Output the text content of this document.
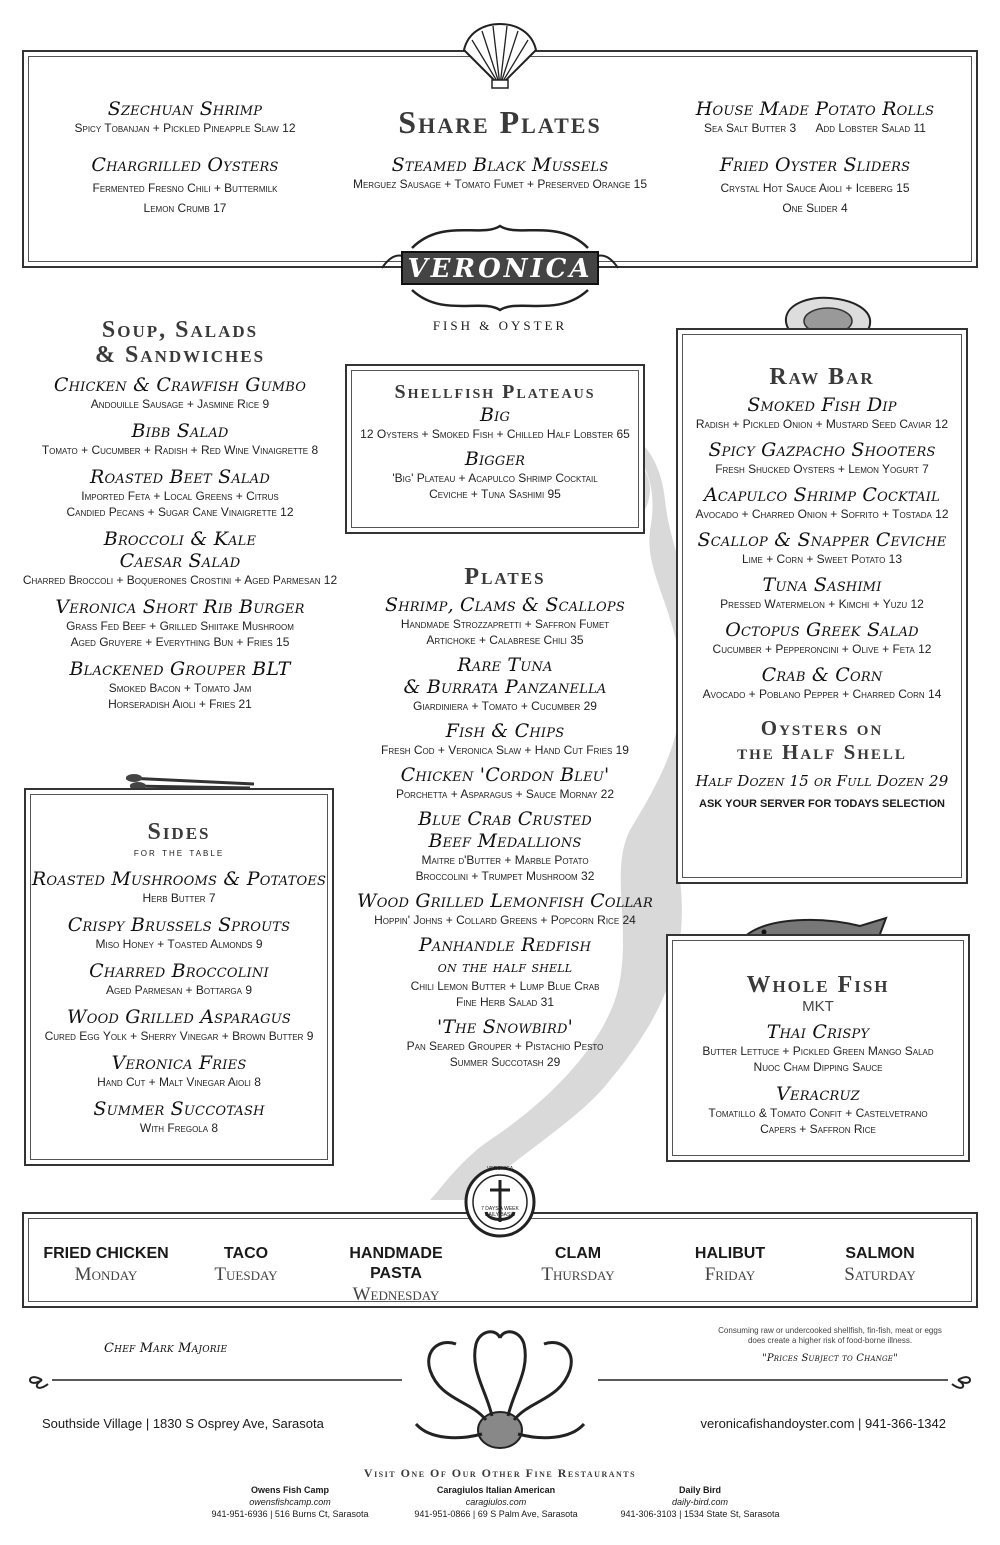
Szechuan Shrimp
Spicy Tobanjan + Pickled Pineapple Slaw 12
Chargrilled Oysters
Fermented Fresno Chili + Buttermilk
Lemon Crumb 17
Share Plates
Steamed Black Mussels
Merguez Sausage + Tomato Fumet + Preserved Orange 15
House Made Potato Rolls
Sea Salt Butter 3      Add Lobster Salad 11
Fried Oyster Sliders
Crystal Hot Sauce Aioli + Iceberg 15
One Slider 4
VERONICA
FISH & OYSTER
Soup, Salads
& Sandwiches
Chicken & Crawfish Gumbo
Andouille Sausage + Jasmine Rice 9
Bibb Salad
Tomato + Cucumber + Radish + Red Wine Vinaigrette 8
Roasted Beet Salad
Imported Feta + Local Greens + Citrus
Candied Pecans + Sugar Cane Vinaigrette 12
Broccoli & Kale
Caesar Salad
Charred Broccoli + Boquerones Crostini + Aged Parmesan 12
Veronica Short Rib Burger
Grass Fed Beef + Grilled Shiitake Mushroom
Aged Gruyere + Everything Bun + Fries 15
Blackened Grouper BLT
Smoked Bacon + Tomato Jam
Horseradish Aioli + Fries 21
Sides
for the table
Roasted Mushrooms & Potatoes
Herb Butter 7
Crispy Brussels Sprouts
Miso Honey + Toasted Almonds 9
Charred Broccolini
Aged Parmesan + Bottarga 9
Wood Grilled Asparagus
Cured Egg Yolk + Sherry Vinegar + Brown Butter 9
Veronica Fries
Hand Cut + Malt Vinegar Aioli 8
Summer Succotash
With Fregola 8
Shellfish Plateaus
Big
12 Oysters + Smoked Fish + Chilled Half Lobster 65
Bigger
'Big' Plateau + Acapulco Shrimp Cocktail
Ceviche + Tuna Sashimi 95
Plates
Shrimp, Clams & Scallops
Handmade Strozzapretti + Saffron Fumet
Artichoke + Calabrese Chili 35
Rare Tuna
& Burrata Panzanella
Giardiniera + Tomato + Cucumber 29
Fish & Chips
Fresh Cod + Veronica Slaw + Hand Cut Fries 19
Chicken 'Cordon Bleu'
Porchetta + Asparagus + Sauce Mornay 22
Blue Crab Crusted
Beef Medallions
Maitre d'Butter + Marble Potato
Broccolini + Trumpet Mushroom 32
Wood Grilled Lemonfish Collar
Hoppin' Johns + Collard Greens + Popcorn Rice 24
Panhandle Redfish
on the half shell
Chili Lemon Butter + Lump Blue Crab
Fine Herb Salad 31
'The Snowbird'
Pan Seared Grouper + Pistachio Pesto
Summer Succotash 29
Raw Bar
Smoked Fish Dip
Radish + Pickled Onion + Mustard Seed Caviar 12
Spicy Gazpacho Shooters
Fresh Shucked Oysters + Lemon Yogurt 7
Acapulco Shrimp Cocktail
Avocado + Charred Onion + Sofrito + Tostada 12
Scallop & Snapper Ceviche
Lime + Corn + Sweet Potato 13
Tuna Sashimi
Pressed Watermelon + Kimchi + Yuzu 12
Octopus Greek Salad
Cucumber + Pepperoncini + Olive + Feta 12
Crab & Corn
Avocado + Poblano Pepper + Charred Corn 14
Oysters on
the Half Shell
Half Dozen 15 or Full Dozen 29
ASK YOUR SERVER FOR TODAYS SELECTION
Whole Fish
MKT
Thai Crispy
Butter Lettuce + Pickled Green Mango Salad
Nuoc Cham Dipping Sauce
Veracruz
Tomatillo & Tomato Confit + Castelvetrano
Capers + Saffron Rice
VERONICA
7 DAYS A WEEK
DAILY BASIS
FRIED CHICKEN
Monday
TACO
Tuesday
HANDMADE PASTA
Wednesday
CLAM
Thursday
HALIBUT
Friday
SALMON
Saturday
Chef Mark Majorie
Consuming raw or undercooked shellfish, fin-fish, meat or eggs
does create a higher risk of food-borne illness.
"Prices Subject to Change"
Southside Village | 1830 S Osprey Ave, Sarasota	veronicafishandoyster.com | 941-366-1342
Visit One Of Our Other Fine Restaurants
Owens Fish Camp
owensfishcamp.com
941-951-6936 | 516 Burns Ct, Sarasota
Caragiulos Italian American
caragiulos.com
941-951-0866 | 69 S Palm Ave, Sarasota
Daily Bird
daily-bird.com
941-306-3103 | 1534 State St, Sarasota
